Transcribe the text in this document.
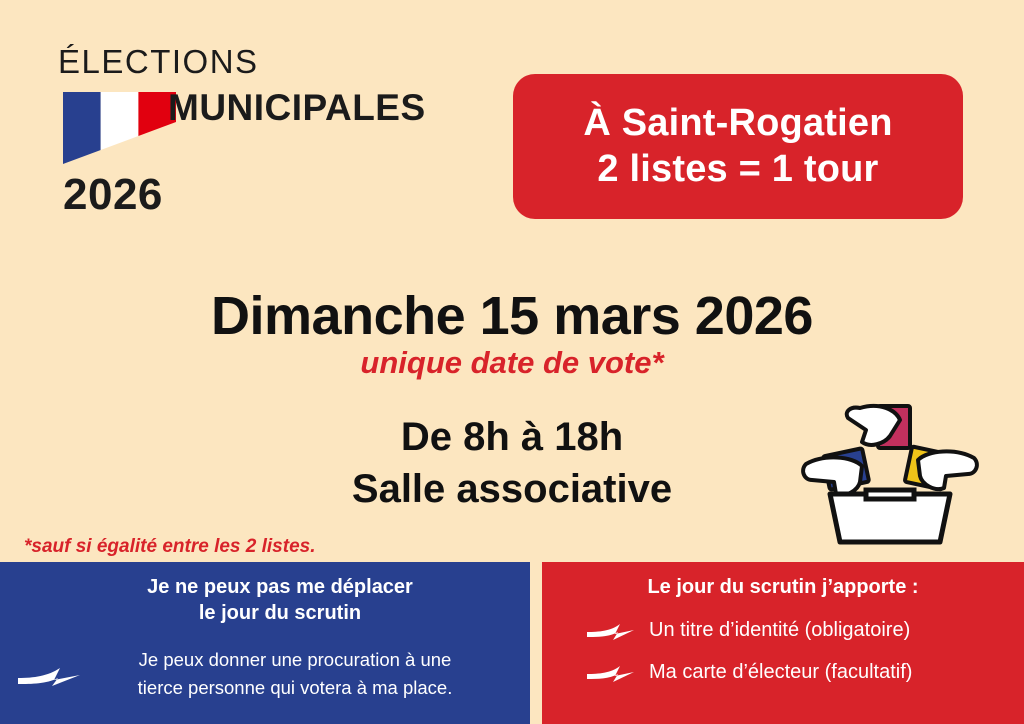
ÉLECTIONS
MUNICIPALES
2026
À Saint-Rogatien
2 listes = 1 tour
Dimanche 15 mars 2026
unique date de vote*
De 8h à 18h
Salle associative
*sauf si égalité entre les 2 listes.
Je ne peux pas me déplacer
le jour du scrutin
Je peux donner une procuration à une
tierce personne qui votera à ma place.
Le jour du scrutin j’apporte :
Un titre d’identité (obligatoire)
Ma carte d’électeur (facultatif)
